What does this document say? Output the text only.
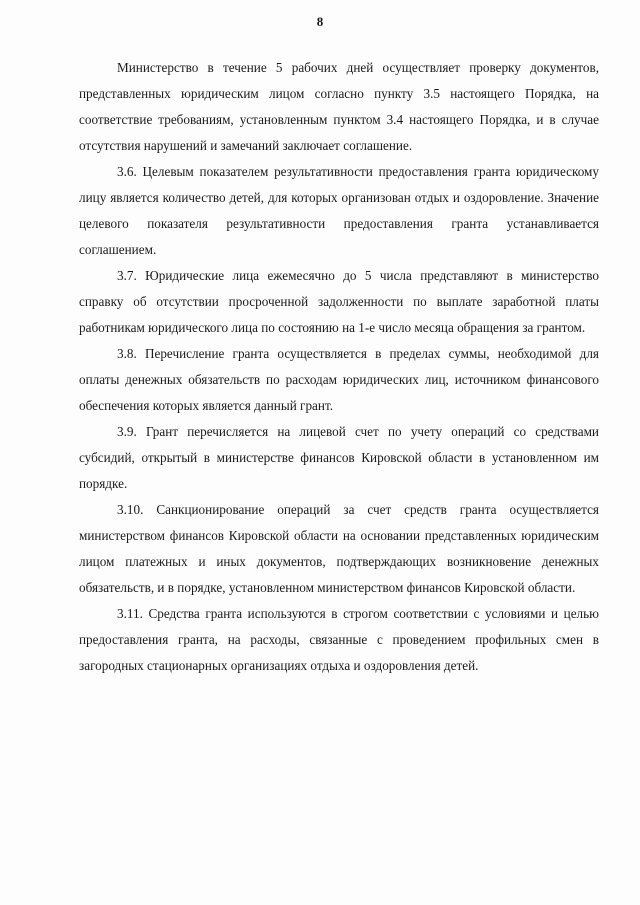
8

Министерство в течение 5 рабочих дней осуществляет проверку документов, представленных юридическим лицом согласно пункту 3.5 настоящего Порядка, на соответствие требованиям, установленным пунктом 3.4 настоящего Порядка, и в случае отсутствия нарушений и замечаний заключает соглашение.

3.6. Целевым показателем результативности предоставления гранта юридическому лицу является количество детей, для которых организован отдых и оздоровление. Значение целевого показателя результативности предоставления гранта устанавливается соглашением.

3.7. Юридические лица ежемесячно до 5 числа представляют в министерство справку об отсутствии просроченной задолженности по выплате заработной платы работникам юридического лица по состоянию на 1-е число месяца обращения за грантом.

3.8. Перечисление гранта осуществляется в пределах суммы, необходимой для оплаты денежных обязательств по расходам юридических лиц, источником финансового обеспечения которых является данный грант.

3.9. Грант перечисляется на лицевой счет по учету операций со средствами субсидий, открытый в министерстве финансов Кировской области в установленном им порядке.

3.10. Санкционирование операций за счет средств гранта осуществляется министерством финансов Кировской области на основании представленных юридическим лицом платежных и иных документов, подтверждающих возникновение денежных обязательств, и в порядке, установленном министерством финансов Кировской области.

3.11. Средства гранта используются в строгом соответствии с условиями и целью предоставления гранта, на расходы, связанные с проведением профильных смен в загородных стационарных организациях отдыха и оздоровления детей.
